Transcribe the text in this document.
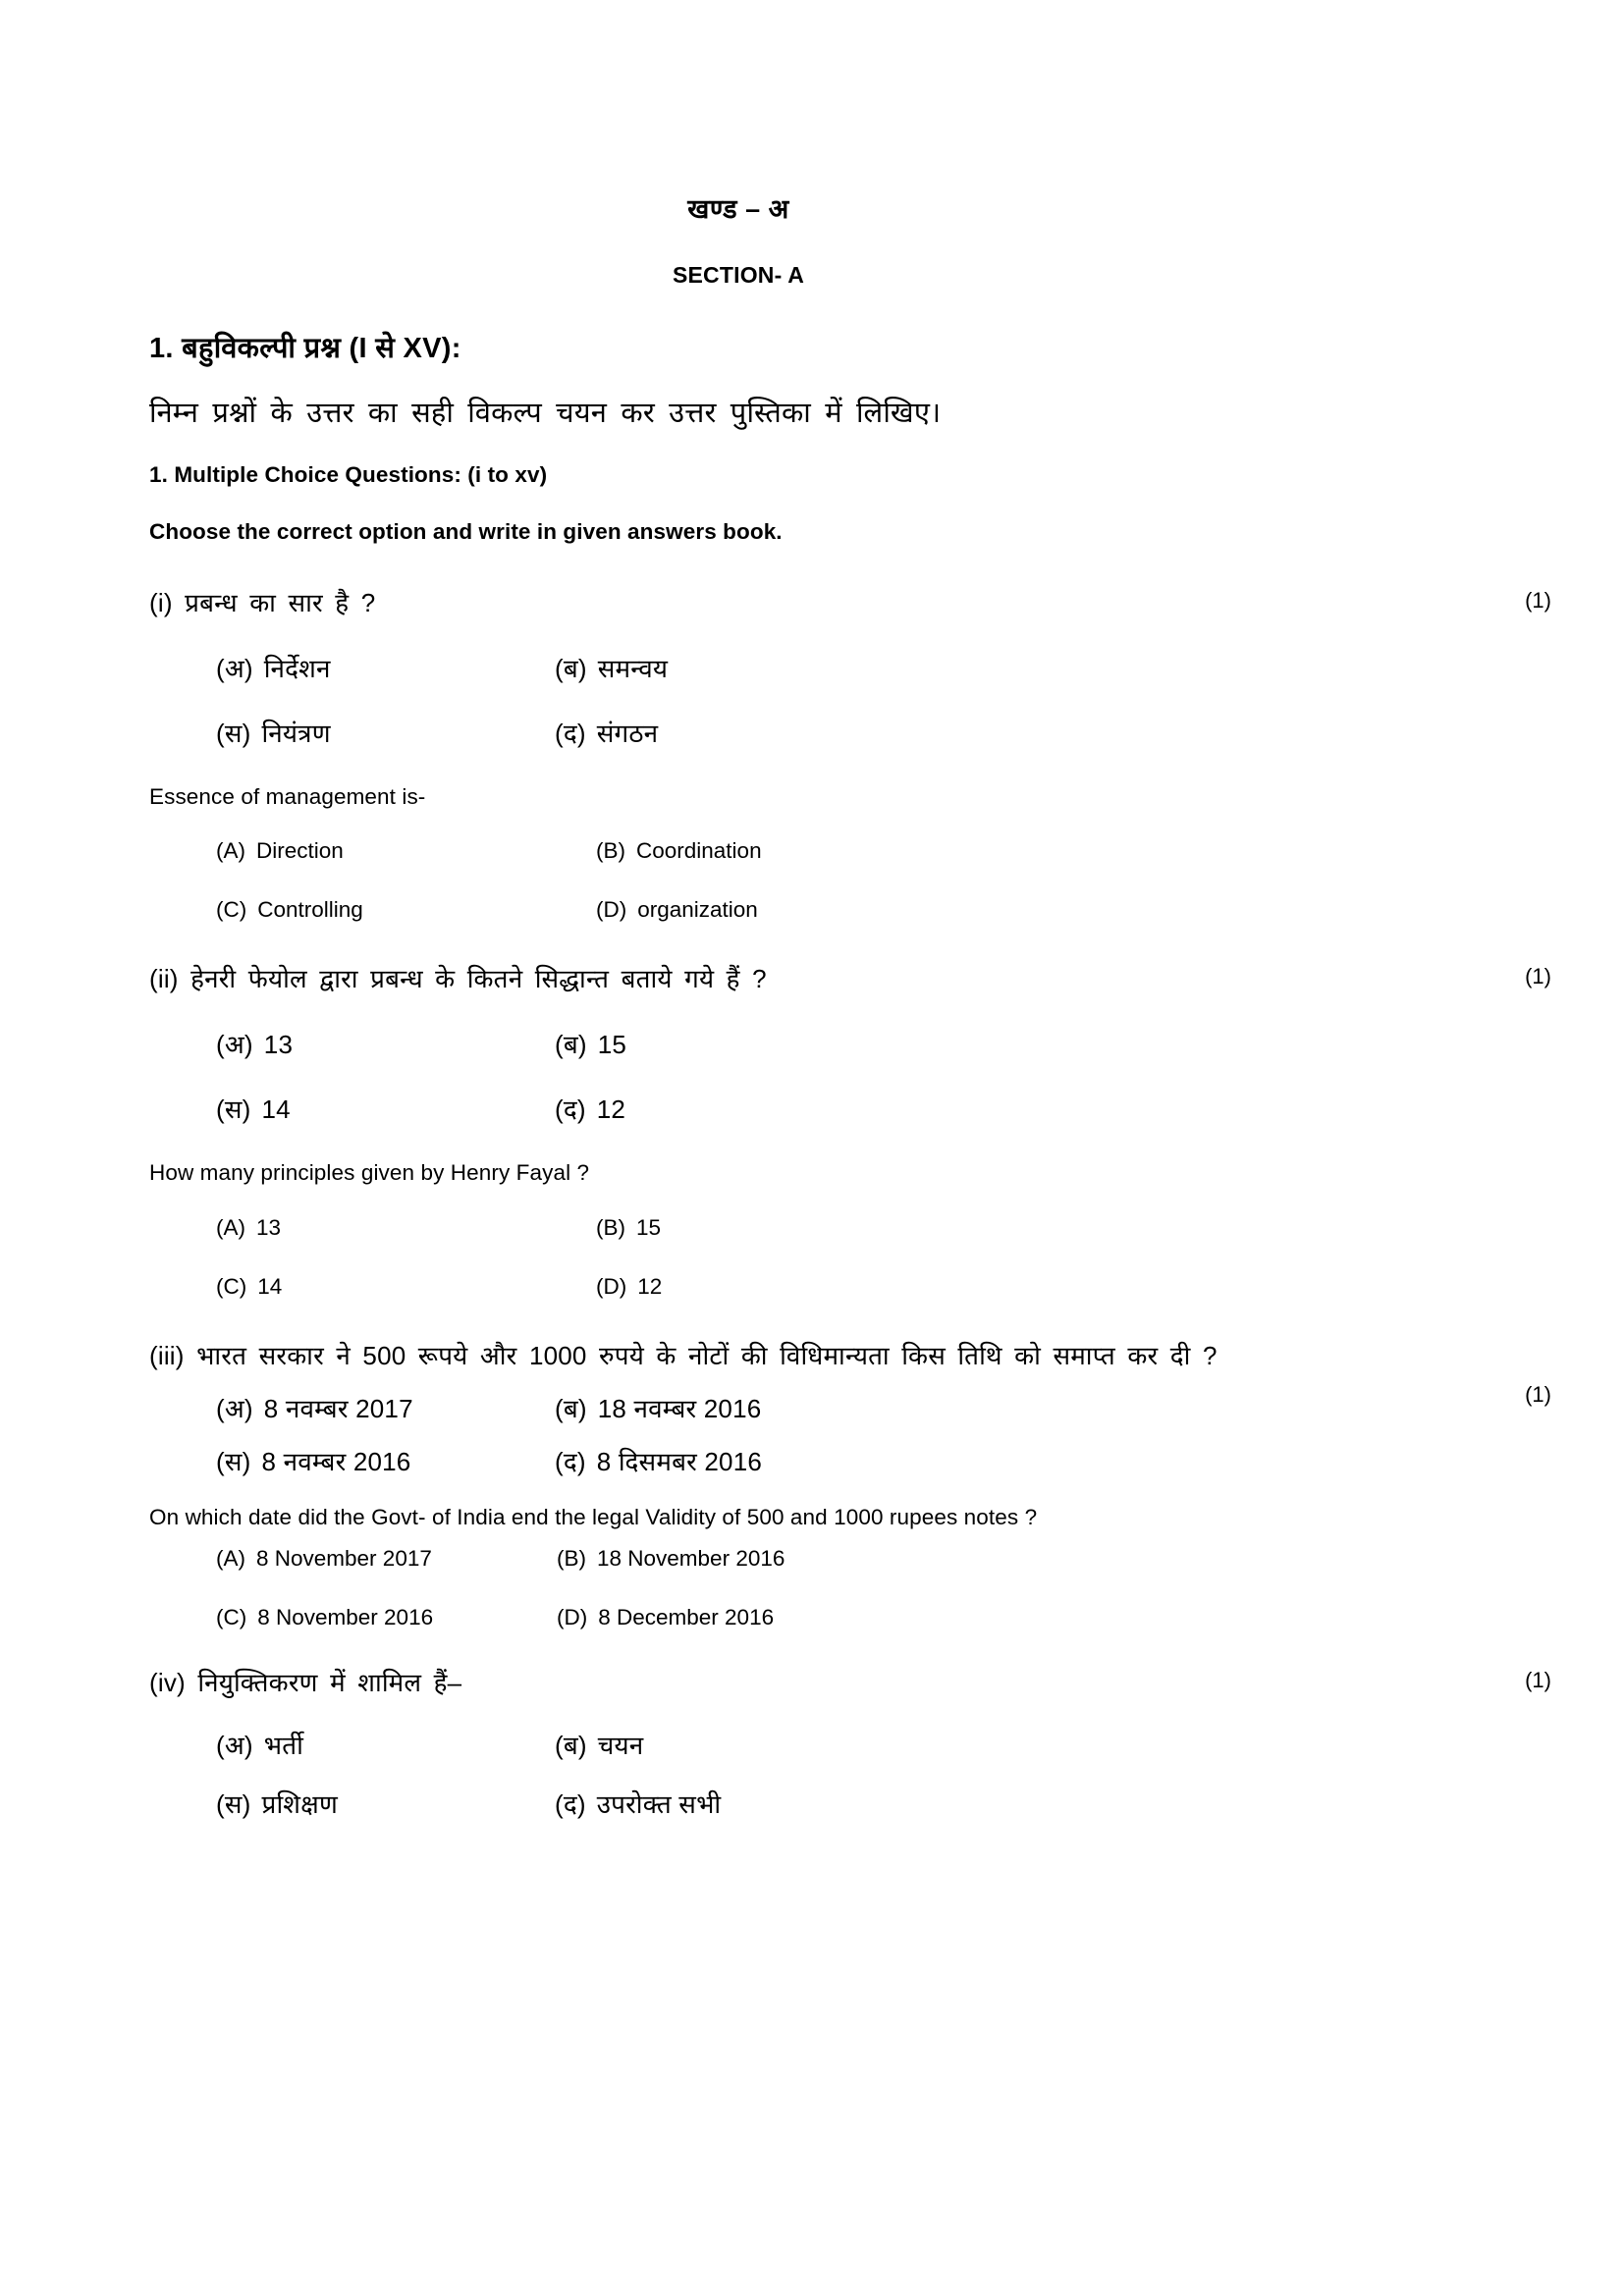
खण्ड – अ
SECTION- A
1. बहुविकल्पी प्रश्न (I से XV):
निम्न प्रश्नों के उत्तर का सही विकल्प चयन कर उत्तर पुस्तिका में लिखिए।
1. Multiple Choice Questions: (i to xv)
Choose the correct option and write in given answers book.
(i) प्रबन्ध का सार है ?	(1)
(अ) निर्देशन	(ब) समन्वय
(स) नियंत्रण	(द) संगठन
Essence of management is-
(A) Direction	(B) Coordination
(C) Controlling	(D) organization
(ii) हेनरी फेयोल द्वारा प्रबन्ध के कितने सिद्धान्त बताये गये हैं ?	(1)
(अ) 13	(ब) 15
(स) 14	(द) 12
How many principles given by Henry Fayal ?
(A) 13	(B) 15
(C) 14	(D) 12
(iii) भारत सरकार ने 500 रूपये और 1000 रुपये के नोटों की विधिमान्यता किस तिथि को समाप्त कर दी ?
(1)
(अ) 8 नवम्बर 2017	(ब) 18 नवम्बर 2016
(स) 8 नवम्बर 2016	(द) 8 दिसमबर 2016
On which date did the Govt- of India end the legal Validity of 500 and 1000 rupees notes ?
(A) 8 November 2017	(B) 18 November 2016
(C) 8 November 2016	(D) 8 December 2016
(iv) नियुक्तिकरण में शामिल हैं–	(1)
(अ) भर्ती	(ब) चयन
(स) प्रशिक्षण	(द) उपरोक्त सभी
